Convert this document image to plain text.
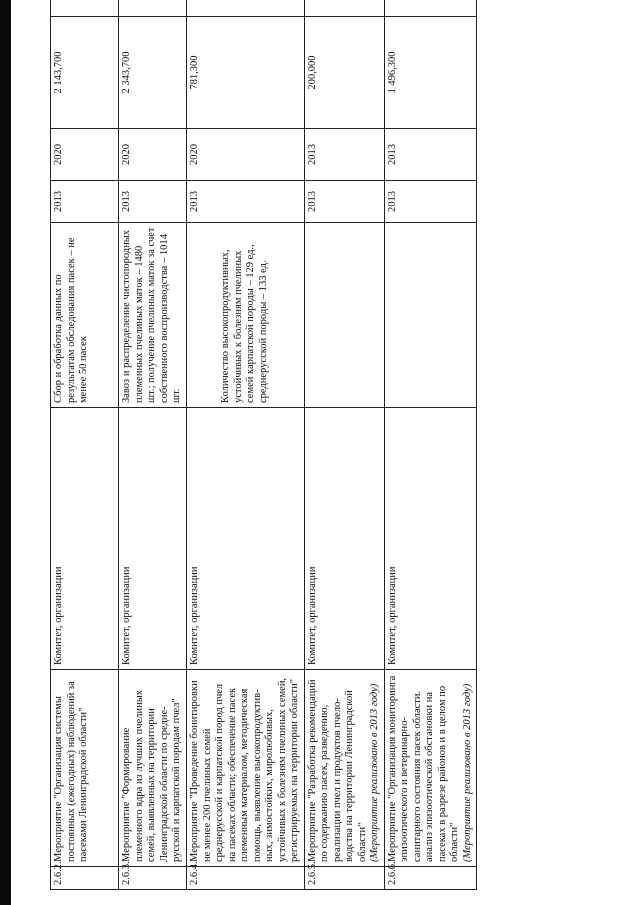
2.6.2.	Мероприятие "Организация системы постоянных (ежегодных) наблюдений за пасеками Ленинградской области"	Комитет, организации	Сбор и обработка данных по результатам обследования пасек – не менее 50 пасек	2013	2020	2 143,700	
2.6.3.	Мероприятие "Формирование племенного ядра из лучших пчелиных семей, выявленных на территории Ленинградской области по средне-русской и карпатской породам пчел"	Комитет, организации	Завоз и распределение чистопородных племенных пчелиных маток – 1480 шт.; получение пчелиных маток за счет собственного воспроизводства – 1014 шт.	2013	2020	2 343,700	
2.6.4.	Мероприятие "Проведение бонитировки не менее 200 пчелиных семей среднерусской и карпатской пород пчел на пасеках области; обеспечение пасек племенным материалом, методическая помощь, выявление высокопродуктив-ных, зимостойких, миролюбивых, устойчивых к болезням пчелиных семей, регистрируемых на территории области"	Комитет, организации	Количество высокопродуктивных, устойчивых к болезням пчелиных семей карпатской породы – 129 ед., среднерусской породы – 133 ед.	2013	2020	781,300	
2.6.5.	Мероприятие "Разработка рекомендаций по содержанию пасек, разведению, реализации пчел и продуктов пчело-водства на территории Ленинградской области" (Мероприятие реализовано в 2013 году)	Комитет, организации		2013	2013	200,000	
2.6.6.	Мероприятие "Организация мониторинга эпизоотического и ветеринарно-санитарного состояния пасек области. анализ эпизоотической обстановки на пасеках в разрезе районов и в целом по области" (Мероприятие реализовано в 2013 году)	Комитет, организации		2013	2013	1 496,300	
